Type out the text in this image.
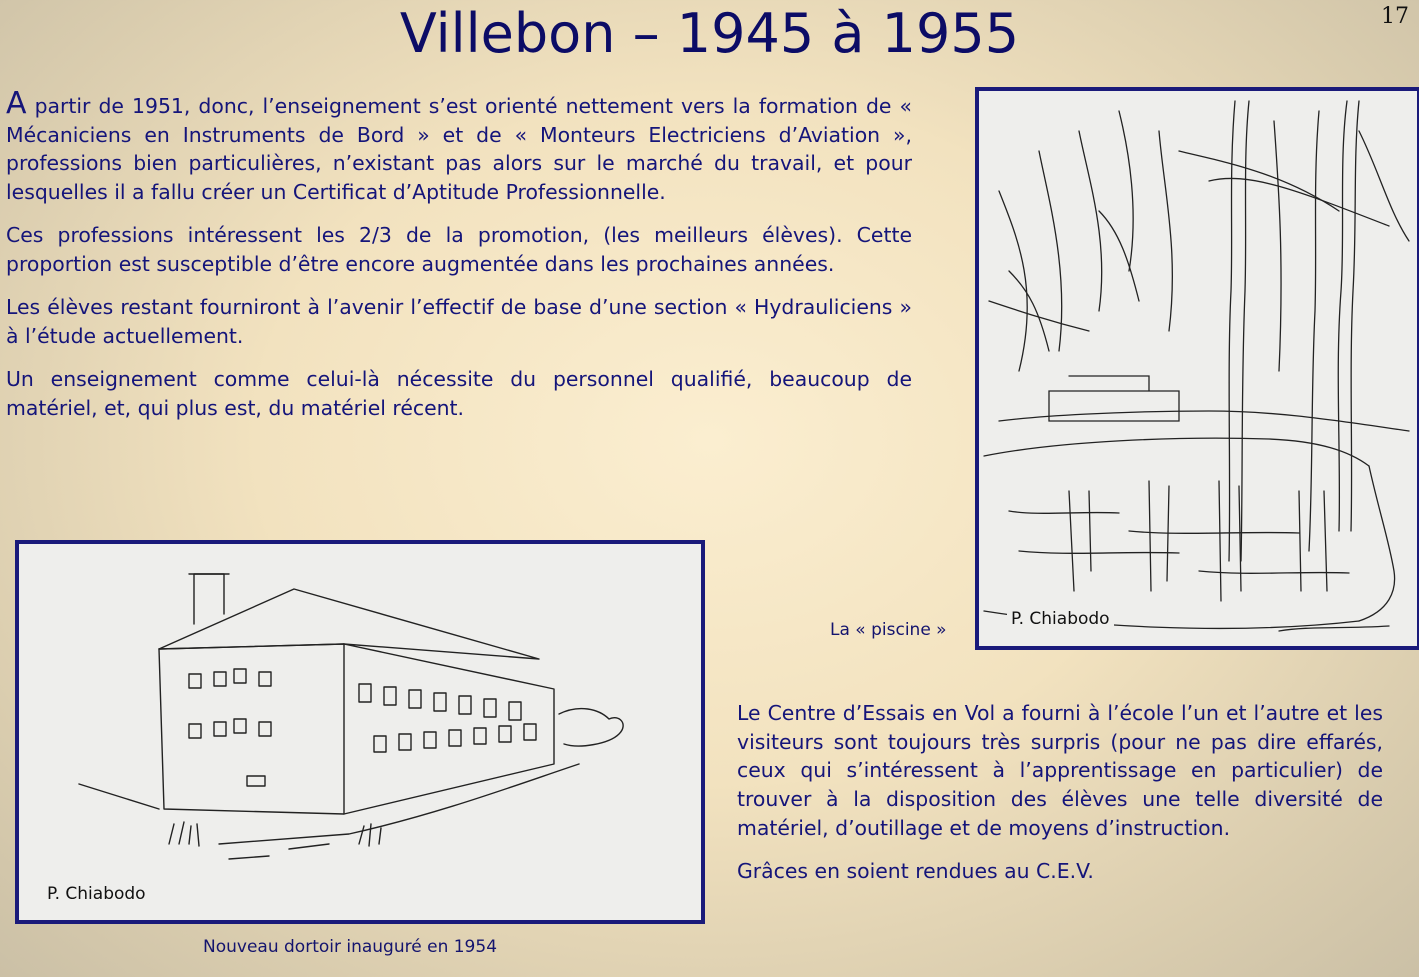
Villebon – 1945 à 1955	17

A partir de 1951, donc, l’enseignement s’est orienté nettement vers la formation de « Mécaniciens en Instruments de Bord » et de « Monteurs Electriciens d’Aviation », professions bien particulières, n’existant pas alors sur le marché du travail, et pour lesquelles il a fallu créer un Certificat d’Aptitude Professionnelle.

Ces professions intéressent les 2/3 de la promotion, (les meilleurs élèves). Cette proportion est susceptible d’être encore augmentée dans les prochaines années.

Les élèves restant fourniront à l’avenir l’effectif de base d’une section « Hydrauliciens » à l’étude actuellement.

Un enseignement comme celui-là nécessite du personnel qualifié, beaucoup de matériel, et, qui plus est, du matériel récent.

P. Chiabodo
La « piscine »
P. Chiabodo
Nouveau dortoir inauguré en 1954

Le Centre d’Essais en Vol a fourni à l’école l’un et l’autre et les visiteurs sont toujours très surpris (pour ne pas dire effarés, ceux qui s’intéressent à l’apprentissage en particulier) de trouver à la disposition des élèves une telle diversité de matériel, d’outillage et de moyens d’instruction.

Grâces en soient rendues au C.E.V.
